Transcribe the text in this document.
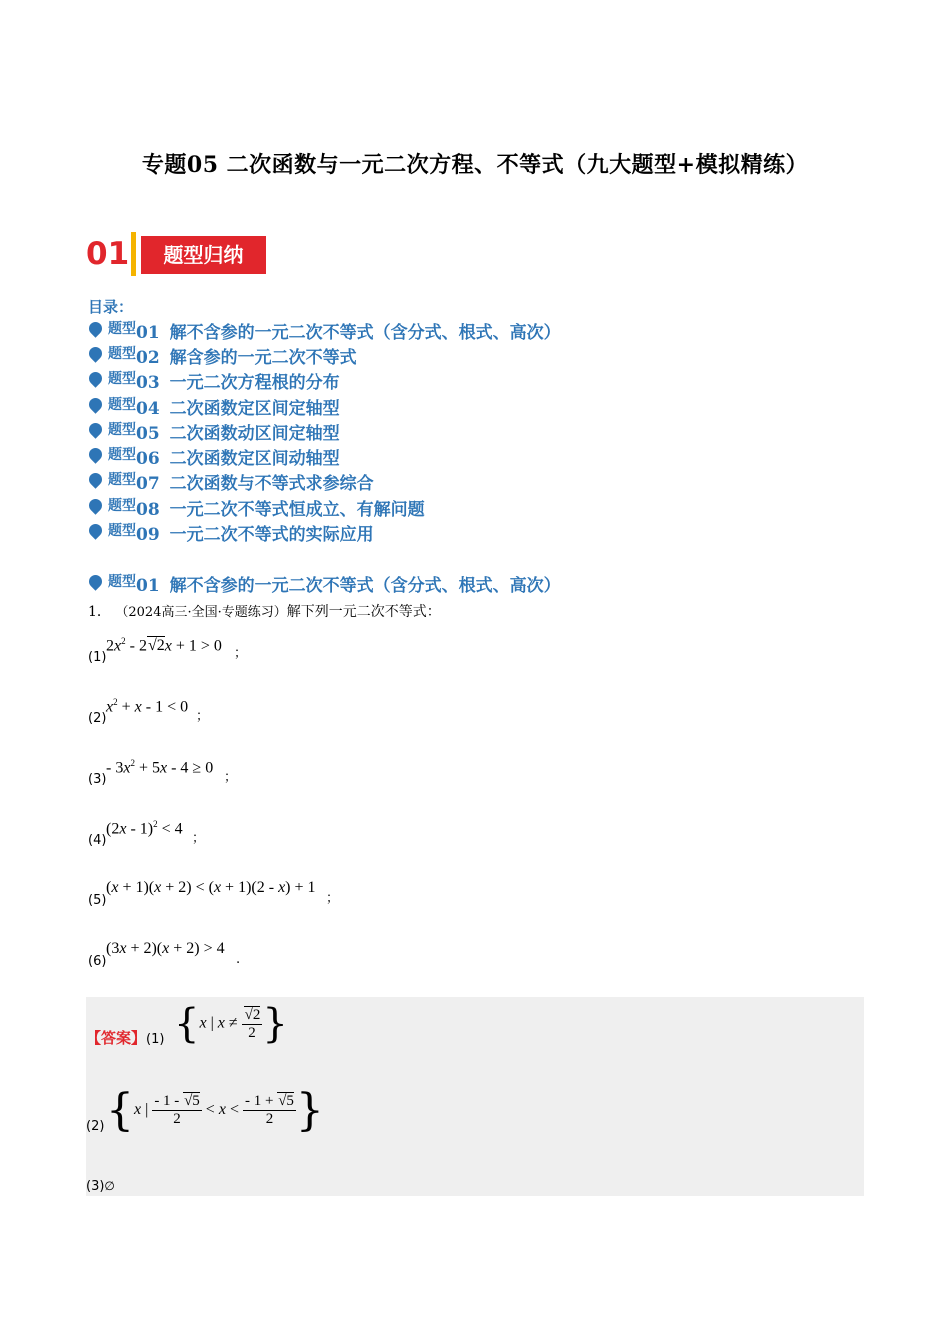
专题05 二次函数与一元二次方程、不等式（九大题型+模拟精练）
01	题型归纳
目录：
题型01 解不含参的一元二次不等式（含分式、根式、高次）
题型02 解含参的一元二次不等式
题型03 一元二次方程根的分布
题型04 二次函数定区间定轴型
题型05 二次函数动区间定轴型
题型06 二次函数定区间动轴型
题型07 二次函数与不等式求参综合
题型08 一元二次不等式恒成立、有解问题
题型09 一元二次不等式的实际应用
题型01 解不含参的一元二次不等式（含分式、根式、高次）
1． （2024高三·全国·专题练习）解下列一元二次不等式：
(1)
$2x^2 - 2√2x + 1 > 0$ ；
(2)
$x^2 + x - 1 < 0$
；
(3)
- $3x^2 + 5x - 4 \ge 0$
；
(4)
(2x - 1)$^2$ < 4
；
(5)
(x + 1)(x + 2) < (x + 1)(2 - x) + 1
；
(6)
(3x + 2)(x + 2) > 4
.
【答案】(1) {x | $x \ne \frac{√2}{2}$ }
(2) {x | $\frac{- 1 - √5}{2} < x < \frac{- 1 + √5}{2}$ }
(3)∅
